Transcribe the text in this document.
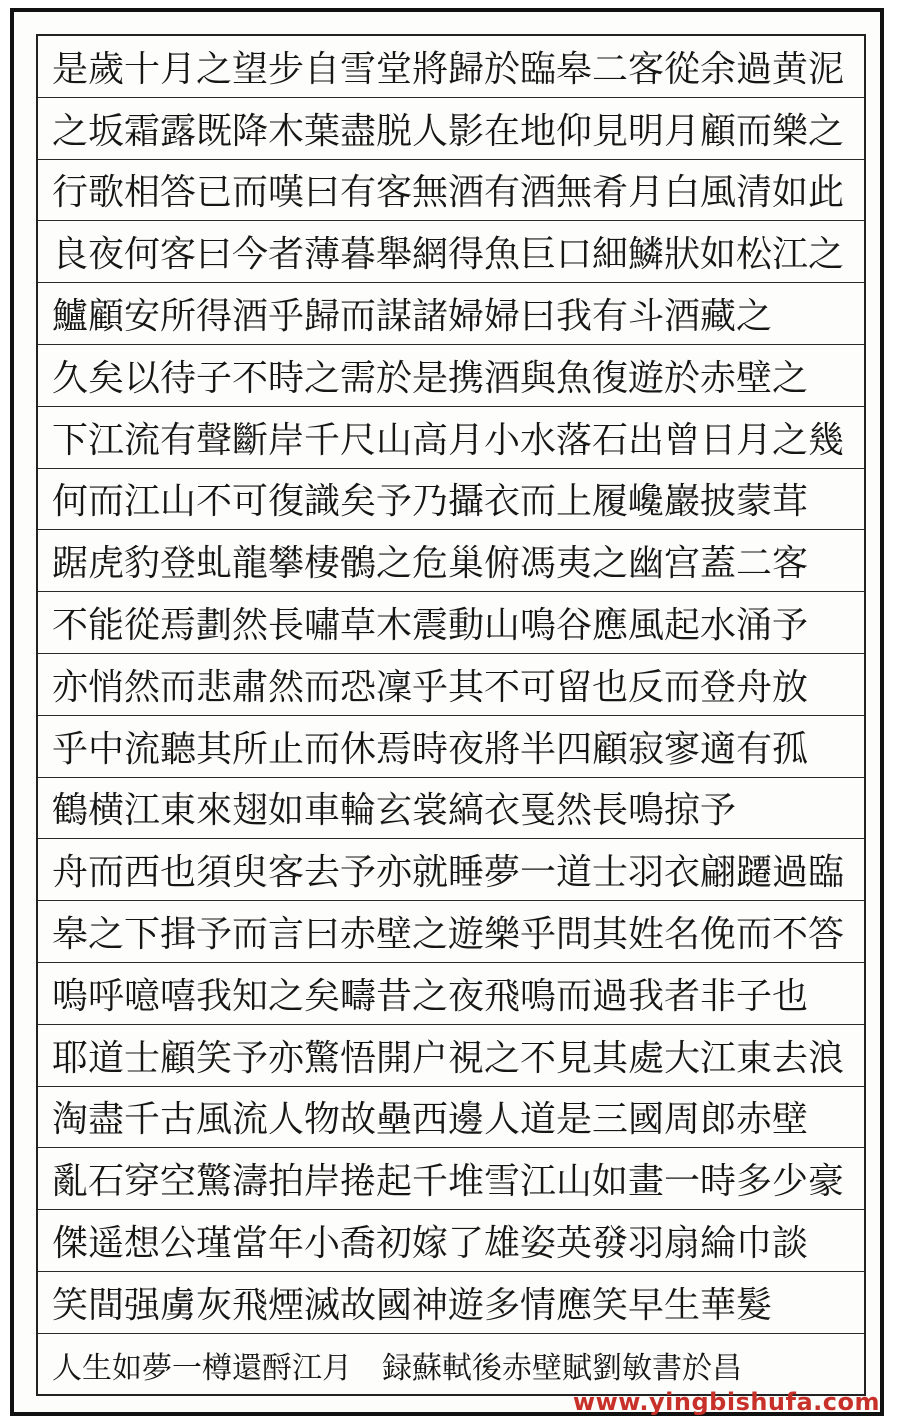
是歲十月之望步自雪堂將歸於臨皋二客從余過黄泥
之坂霜露既降木葉盡脱人影在地仰見明月顧而樂之
行歌相答已而嘆曰有客無酒有酒無肴月白風清如此
良夜何客曰今者薄暮舉網得魚巨口細鱗狀如松江之
鱸顧安所得酒乎歸而謀諸婦婦曰我有斗酒藏之
久矣以待子不時之需於是携酒與魚復遊於赤壁之
下江流有聲斷岸千尺山高月小水落石出曾日月之幾
何而江山不可復識矣予乃攝衣而上履巉巖披蒙茸
踞虎豹登虬龍攀棲鶻之危巢俯馮夷之幽宫蓋二客
不能從焉劃然長嘯草木震動山鳴谷應風起水涌予
亦悄然而悲肅然而恐凜乎其不可留也反而登舟放
乎中流聽其所止而休焉時夜將半四顧寂寥適有孤
鶴横江東來翅如車輪玄裳縞衣戛然長鳴掠予
舟而西也須臾客去予亦就睡夢一道士羽衣翩躚過臨
皋之下揖予而言曰赤壁之遊樂乎問其姓名俛而不答
嗚呼噫嘻我知之矣疇昔之夜飛鳴而過我者非子也
耶道士顧笑予亦驚悟開户視之不見其處大江東去浪
淘盡千古風流人物故壘西邊人道是三國周郎赤壁
亂石穿空驚濤拍岸捲起千堆雪江山如畫一時多少豪
傑遥想公瑾當年小喬初嫁了雄姿英發羽扇綸巾談
笑間强虜灰飛煙滅故國神遊多情應笑早生華髮
人生如夢一樽還酹江月　録蘇軾後赤壁賦劉敏書於昌
www.yingbishufa.com
